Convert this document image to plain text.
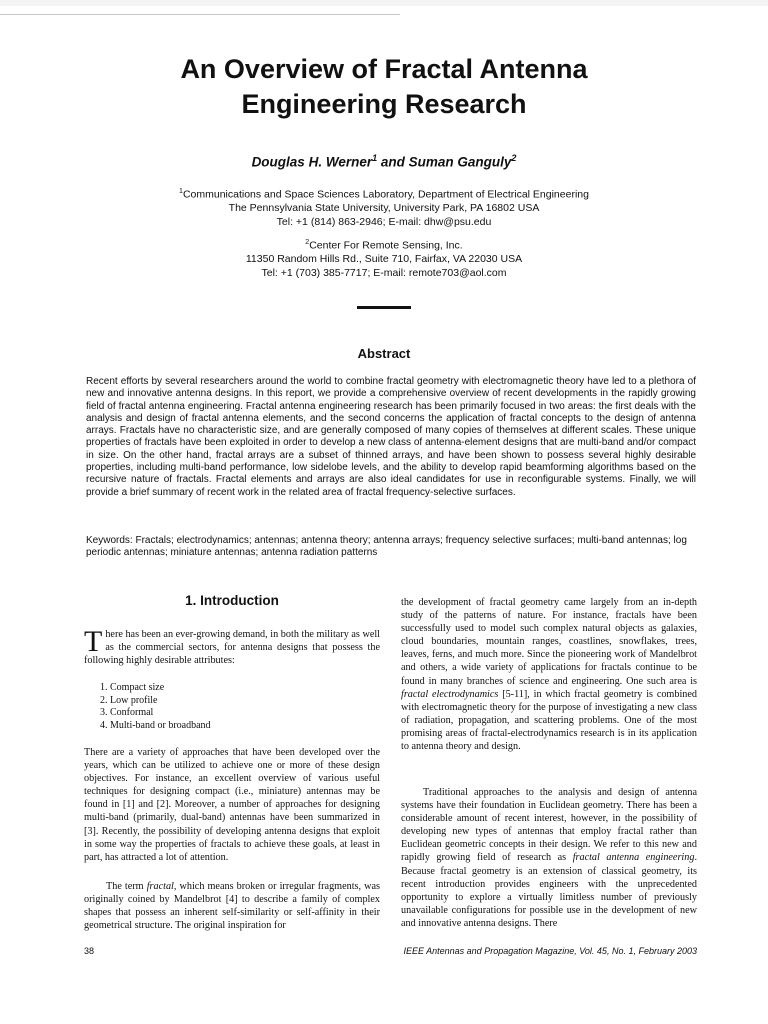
An Overview of Fractal Antenna
Engineering Research
Douglas H. Werner$^1$ and Suman Ganguly$^2$
$^1$Communications and Space Sciences Laboratory, Department of Electrical Engineering
The Pennsylvania State University, University Park, PA 16802 USA
Tel: +1 (814) 863-2946; E-mail: dhw@psu.edu
$^2$Center For Remote Sensing, Inc.
11350 Random Hills Rd., Suite 710, Fairfax, VA 22030 USA
Tel: +1 (703) 385-7717; E-mail: remote703@aol.com
Abstract
Recent efforts by several researchers around the world to combine fractal geometry with electromagnetic theory have led to a plethora of new and innovative antenna designs. In this report, we provide a comprehensive overview of recent developments in the rapidly growing field of fractal antenna engineering. Fractal antenna engineering research has been primarily focused in two areas: the first deals with the analysis and design of fractal antenna elements, and the second concerns the application of fractal concepts to the design of antenna arrays. Fractals have no characteristic size, and are generally composed of many copies of themselves at different scales. These unique properties of fractals have been exploited in order to develop a new class of antenna-element designs that are multi-band and/or compact in size. On the other hand, fractal arrays are a subset of thinned arrays, and have been shown to possess several highly desirable properties, including multi-band performance, low sidelobe levels, and the ability to develop rapid beamforming algorithms based on the recursive nature of fractals. Fractal elements and arrays are also ideal candidates for use in reconfigurable systems. Finally, we will provide a brief summary of recent work in the related area of fractal frequency-selective surfaces.
Keywords: Fractals; electrodynamics; antennas; antenna theory; antenna arrays; frequency selective surfaces; multi-band antennas; log periodic antennas; miniature antennas; antenna radiation patterns
1. Introduction
There has been an ever-growing demand, in both the military as well as the commercial sectors, for antenna designs that possess the following highly desirable attributes:
1. Compact size
2. Low profile
3. Conformal
4. Multi-band or broadband
There are a variety of approaches that have been developed over the years, which can be utilized to achieve one or more of these design objectives. For instance, an excellent overview of various useful techniques for designing compact (i.e., miniature) antennas may be found in [1] and [2]. Moreover, a number of approaches for designing multi-band (primarily, dual-band) antennas have been summarized in [3]. Recently, the possibility of developing antenna designs that exploit in some way the properties of fractals to achieve these goals, at least in part, has attracted a lot of attention.
The term fractal, which means broken or irregular fragments, was originally coined by Mandelbrot [4] to describe a family of complex shapes that possess an inherent self-similarity or self-affinity in their geometrical structure. The original inspiration for
the development of fractal geometry came largely from an in-depth study of the patterns of nature. For instance, fractals have been successfully used to model such complex natural objects as galaxies, cloud boundaries, mountain ranges, coastlines, snowflakes, trees, leaves, ferns, and much more. Since the pioneering work of Mandelbrot and others, a wide variety of applications for fractals continue to be found in many branches of science and engineering. One such area is fractal electrodynamics [5-11], in which fractal geometry is combined with electromagnetic theory for the purpose of investigating a new class of radiation, propagation, and scattering problems. One of the most promising areas of fractal-electrodynamics research is in its application to antenna theory and design.
Traditional approaches to the analysis and design of antenna systems have their foundation in Euclidean geometry. There has been a considerable amount of recent interest, however, in the possibility of developing new types of antennas that employ fractal rather than Euclidean geometric concepts in their design. We refer to this new and rapidly growing field of research as fractal antenna engineering. Because fractal geometry is an extension of classical geometry, its recent introduction provides engineers with the unprecedented opportunity to explore a virtually limitless number of previously unavailable configurations for possible use in the development of new and innovative antenna designs. There
38	IEEE Antennas and Propagation Magazine, Vol. 45, No. 1, February 2003
